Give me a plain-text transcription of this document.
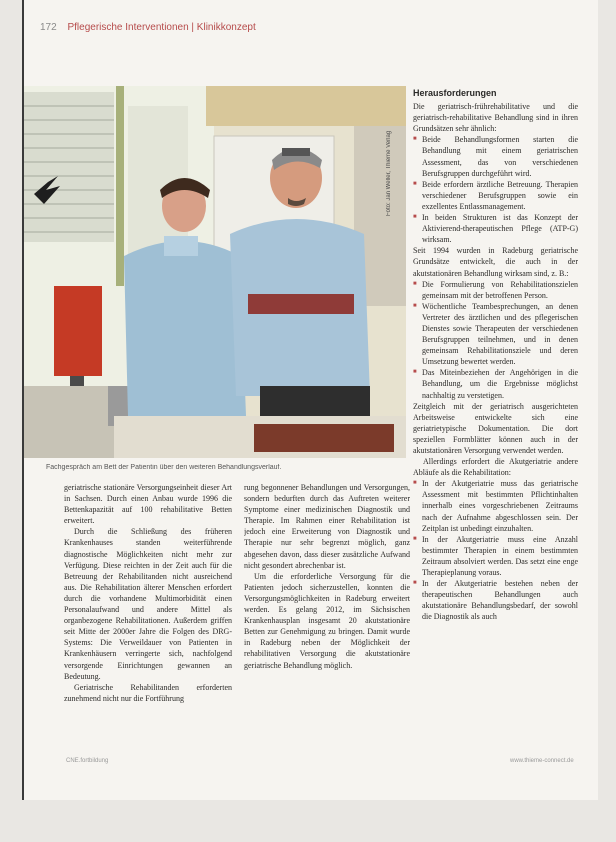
172 Pflegerische Interventionen | Klinikkonzept
Foto: Jan Weller, Thieme Verlag
Fachgespräch am Bett der Patientin über den weiteren Behandlungsverlauf.

geriatrische stationäre Versorgungseinheit dieser Art in Sachsen. Durch einen Anbau wurde 1996 die Bettenkapazität auf 100 rehabilitative Betten erweitert.

Durch die Schließung des früheren Krankenhauses standen weiterführende diagnostische Möglichkeiten nicht mehr zur Verfügung. Diese reichten in der Zeit auch für die Betreuung der Rehabilitanden nicht ausreichend aus. Die Rehabilitation älterer Menschen erfordert durch die vorhandene Multimorbidität einen Personalaufwand und andere Mittel als organbezogene Rehabilitationen. Außerdem griffen seit Mitte der 2000er Jahre die Folgen des DRG-Systems: Die Verweildauer von Patienten in Krankenhäusern verringerte sich, nachfolgend versorgende Einrichtungen gewannen an Bedeutung.

Geriatrische Rehabilitanden erforderten zunehmend nicht nur die Fortführung

rung begonnener Behandlungen und Versorgungen, sondern bedurften durch das Auftreten weiterer Symptome einer medizinischen Diagnostik und Therapie. Im Rahmen einer Rehabilitation ist jedoch eine Erweiterung von Diagnostik und Therapie nur sehr begrenzt möglich, ganz abgesehen davon, dass dieser zusätzliche Aufwand nicht gesondert abrechenbar ist.

Um die erforderliche Versorgung für die Patienten jedoch sicherzustellen, konnten die Versorgungsmöglichkeiten in Radeburg erweitert werden. Es gelang 2012, im Sächsischen Krankenhausplan insgesamt 20 akutstationäre Betten zur Genehmigung zu bringen. Damit wurde in Radeburg neben der Möglichkeit der rehabilitativen Versorgung die akutstationäre geriatrische Behandlung möglich.

Herausforderungen

Die geriatrisch-frührehabilitative und die geriatrisch-rehabilitative Behandlung sind in ihren Grundsätzen sehr ähnlich:

■ Beide Behandlungsformen starten die Behandlung mit einem geriatrischen Assessment, das von verschiedenen Berufsgruppen durchgeführt wird.
■ Beide erfordern ärztliche Betreuung. Therapien verschiedener Berufsgruppen sowie ein exzellentes Entlassmanagement.
■ In beiden Strukturen ist das Konzept der Aktivierend-therapeutischen Pflege (ATP-G) wirksam.

Seit 1994 wurden in Radeburg geriatrische Grundsätze entwickelt, die auch in der akutstationären Behandlung wirksam sind, z. B.:

■ Die Formulierung von Rehabilitationszielen gemeinsam mit der betroffenen Person.
■ Wöchentliche Teambesprechungen, an denen Vertreter des ärztlichen und des pflegerischen Dienstes sowie Therapeuten der verschiedenen Berufsgruppen teilnehmen, und in denen gemeinsam Rehabilitationsziele und deren Umsetzung bewertet werden.
■ Das Miteinbeziehen der Angehörigen in die Behandlung, um die Ergebnisse möglichst nachhaltig zu verstetigen.

Zeitgleich mit der geriatrisch ausgerichteten Arbeitsweise entwickelte sich eine geriatrietypische Dokumentation. Die dort speziellen Formblätter können auch in der akutstationären Versorgung verwendet werden.

Allerdings erfordert die Akutgeriatrie andere Abläufe als die Rehabilitation:

■ In der Akutgeriatrie muss das geriatrische Assessment mit bestimmten Pflichtinhalten innerhalb eines vorgeschriebenen Zeitraums nach der Aufnahme abgeschlossen sein. Der Zeitplan ist unbedingt einzuhalten.
■ In der Akutgeriatrie muss eine Anzahl bestimmter Therapien in einem bestimmten Zeitraum absolviert werden. Das setzt eine enge Therapieplanung voraus.
■ In der Akutgeriatrie bestehen neben der therapeutischen Behandlungen auch akutstationäre Behandlungsbedarf, der sowohl die Diagnostik als auch
CNE.fortbildung	www.thieme-connect.de
